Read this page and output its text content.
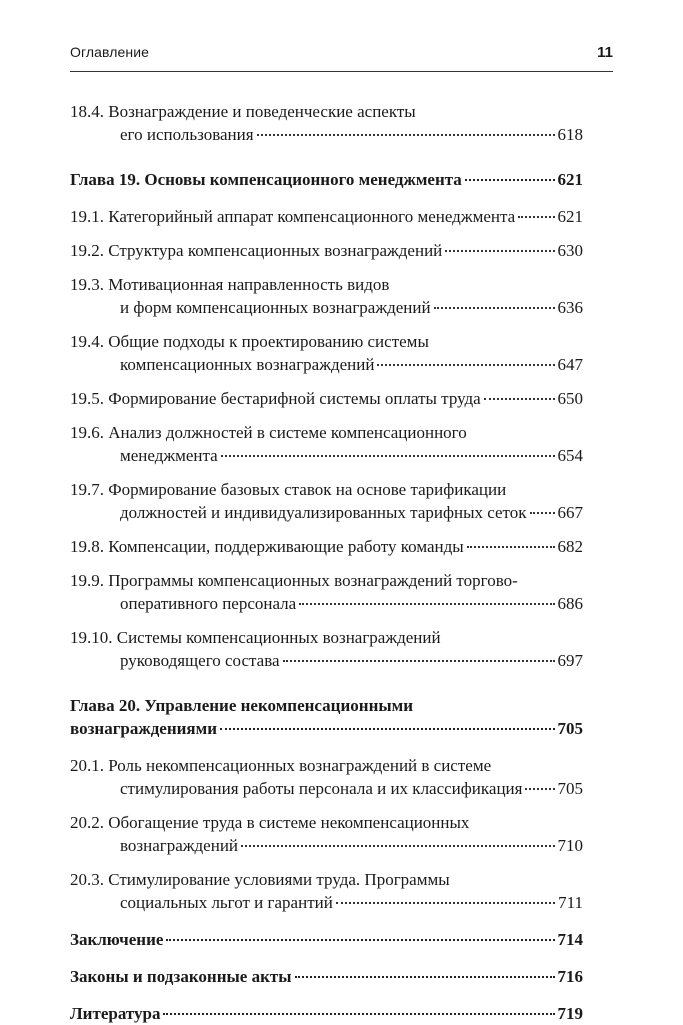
Оглавление	11
18.4. Вознаграждение и поведенческие аспекты
его использования	618
Глава 19. Основы компенсационного менеджмента	621
19.1. Категорийный аппарат компенсационного менеджмента 621
19.2. Структура компенсационных вознаграждений	630
19.3. Мотивационная направленность видов
и форм компенсационных вознаграждений	636
19.4. Общие подходы к проектированию системы
компенсационных вознаграждений	647
19.5. Формирование бестарифной системы оплаты труда	650
19.6. Анализ должностей в системе компенсационного
менеджмента	654
19.7. Формирование базовых ставок на основе тарификации
должностей и индивидуализированных тарифных сеток 667
19.8. Компенсации, поддерживающие работу команды	682
19.9. Программы компенсационных вознаграждений торгово-
оперативного персонала	686
19.10. Системы компенсационных вознаграждений
руководящего состава	697
Глава 20. Управление некомпенсационными
вознаграждениями	705
20.1. Роль некомпенсационных вознаграждений в системе
стимулирования работы персонала и их классификация 705
20.2. Обогащение труда в системе некомпенсационных
вознаграждений	710
20.3. Стимулирование условиями труда. Программы
социальных льгот и гарантий	711
Заключение	714
Законы и подзаконные акты	716
Литература	719
